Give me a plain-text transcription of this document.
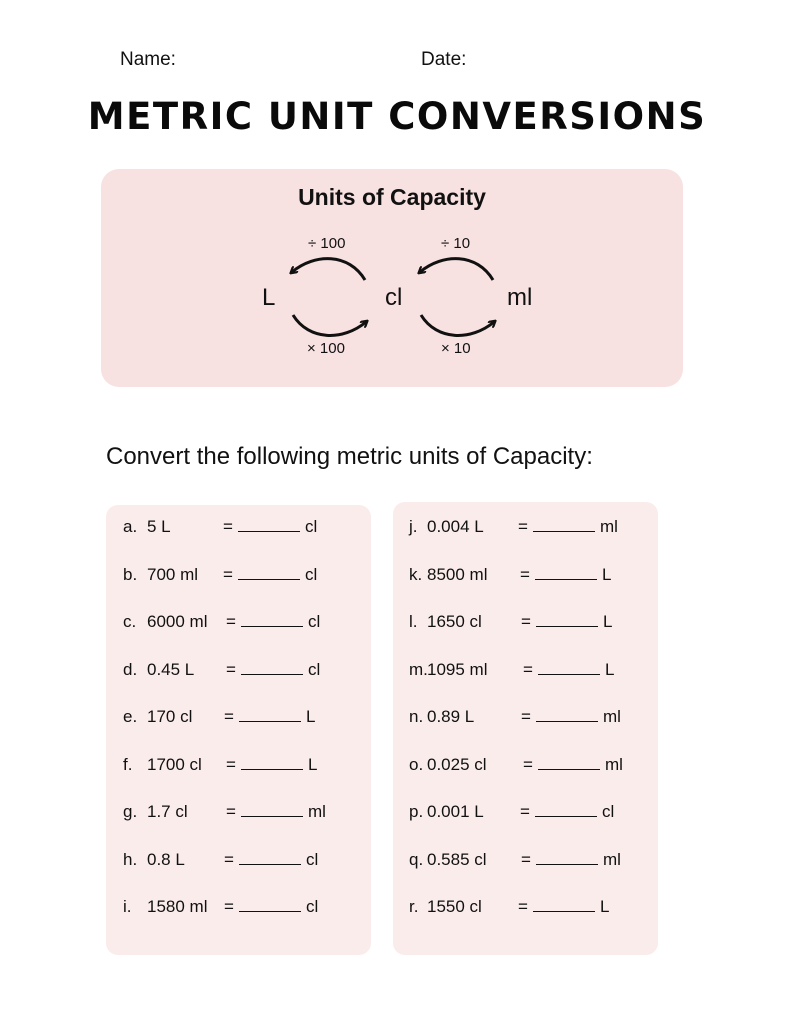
Name:	Date:
METRIC UNIT CONVERSIONS
Units of Capacity
÷ 100	÷ 10
L	cl	ml
× 100	× 10
Convert the following metric units of Capacity:
a. 5 L	=	cl
b. 700 ml =	cl
c. 6000 ml =	cl
d. 0.45 L =	cl
e. 170 cl =	L
f. 1700 cl =	L
g. 1.7 cl =	ml
h. 0.8 L =	cl
i. 1580 ml =	cl
j. 0.004 L =	ml
k. 8500 ml =	L
l. 1650 cl =	L
m. 1095 ml =	L
n. 0.89 L	=	ml
o. 0.025 cl =	ml
p. 0.001 L =	cl
q. 0.585 cl =	ml
r. 1550 cl =	L
